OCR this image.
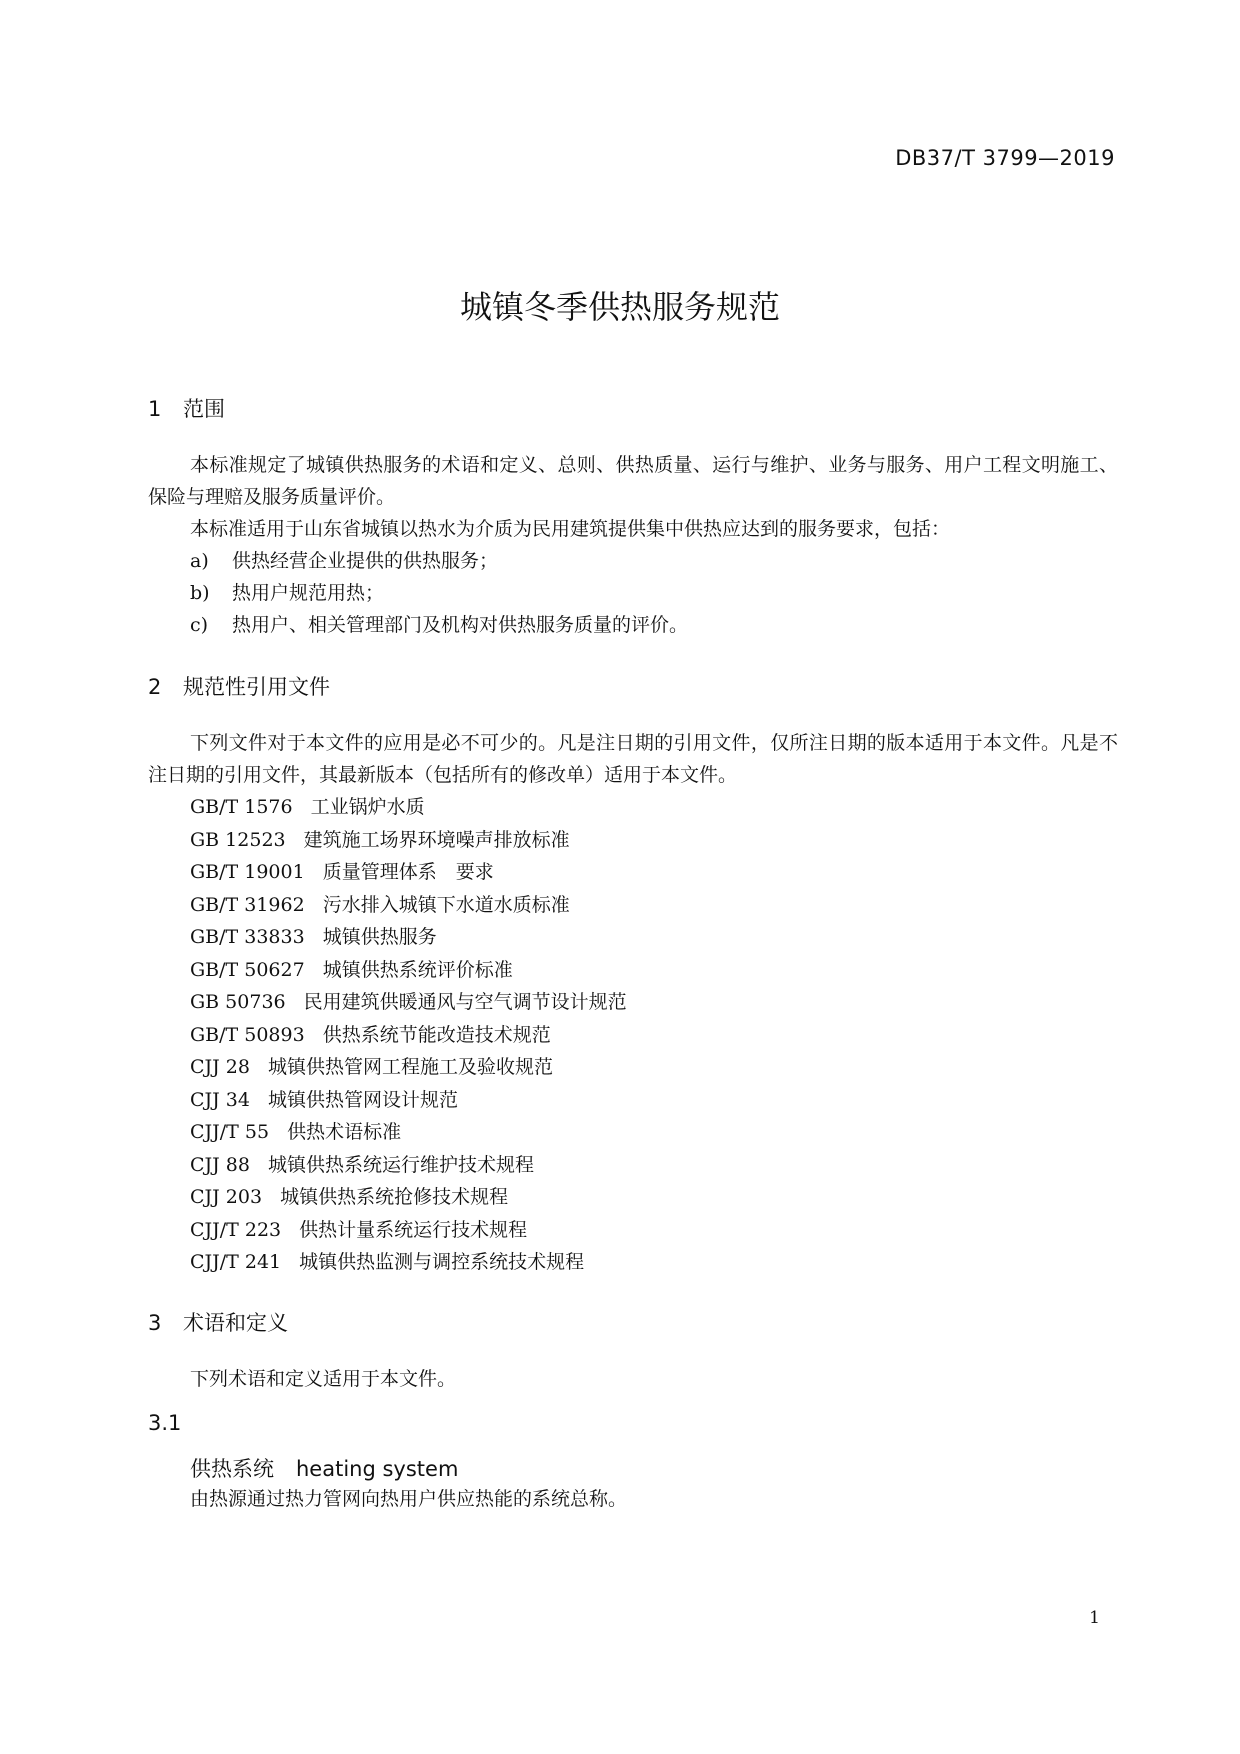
DB37/T 3799—2019
城镇冬季供热服务规范
1 范围

本标准规定了城镇供热服务的术语和定义、总则、供热质量、运行与维护、业务与服务、用户工程文明施工、保险与理赔及服务质量评价。

本标准适用于山东省城镇以热水为介质为民用建筑提供集中供热应达到的服务要求，包括：

a) 供热经营企业提供的供热服务；
b) 热用户规范用热；
c) 热用户、相关管理部门及机构对供热服务质量的评价。
2 规范性引用文件

下列文件对于本文件的应用是必不可少的。凡是注日期的引用文件，仅所注日期的版本适用于本文件。凡是不注日期的引用文件，其最新版本（包括所有的修改单）适用于本文件。

GB/T 1576 工业锅炉水质
GB 12523 建筑施工场界环境噪声排放标准
GB/T 19001 质量管理体系　要求
GB/T 31962 污水排入城镇下水道水质标准
GB/T 33833 城镇供热服务
GB/T 50627 城镇供热系统评价标准
GB 50736 民用建筑供暖通风与空气调节设计规范
GB/T 50893 供热系统节能改造技术规范
CJJ 28 城镇供热管网工程施工及验收规范
CJJ 34 城镇供热管网设计规范
CJJ/T 55 供热术语标准
CJJ 88 城镇供热系统运行维护技术规程
CJJ 203 城镇供热系统抢修技术规程
CJJ/T 223 供热计量系统运行技术规程
CJJ/T 241 城镇供热监测与调控系统技术规程
3 术语和定义
下列术语和定义适用于本文件。
3.1
供热系统 heating system
由热源通过热力管网向热用户供应热能的系统总称。
1
